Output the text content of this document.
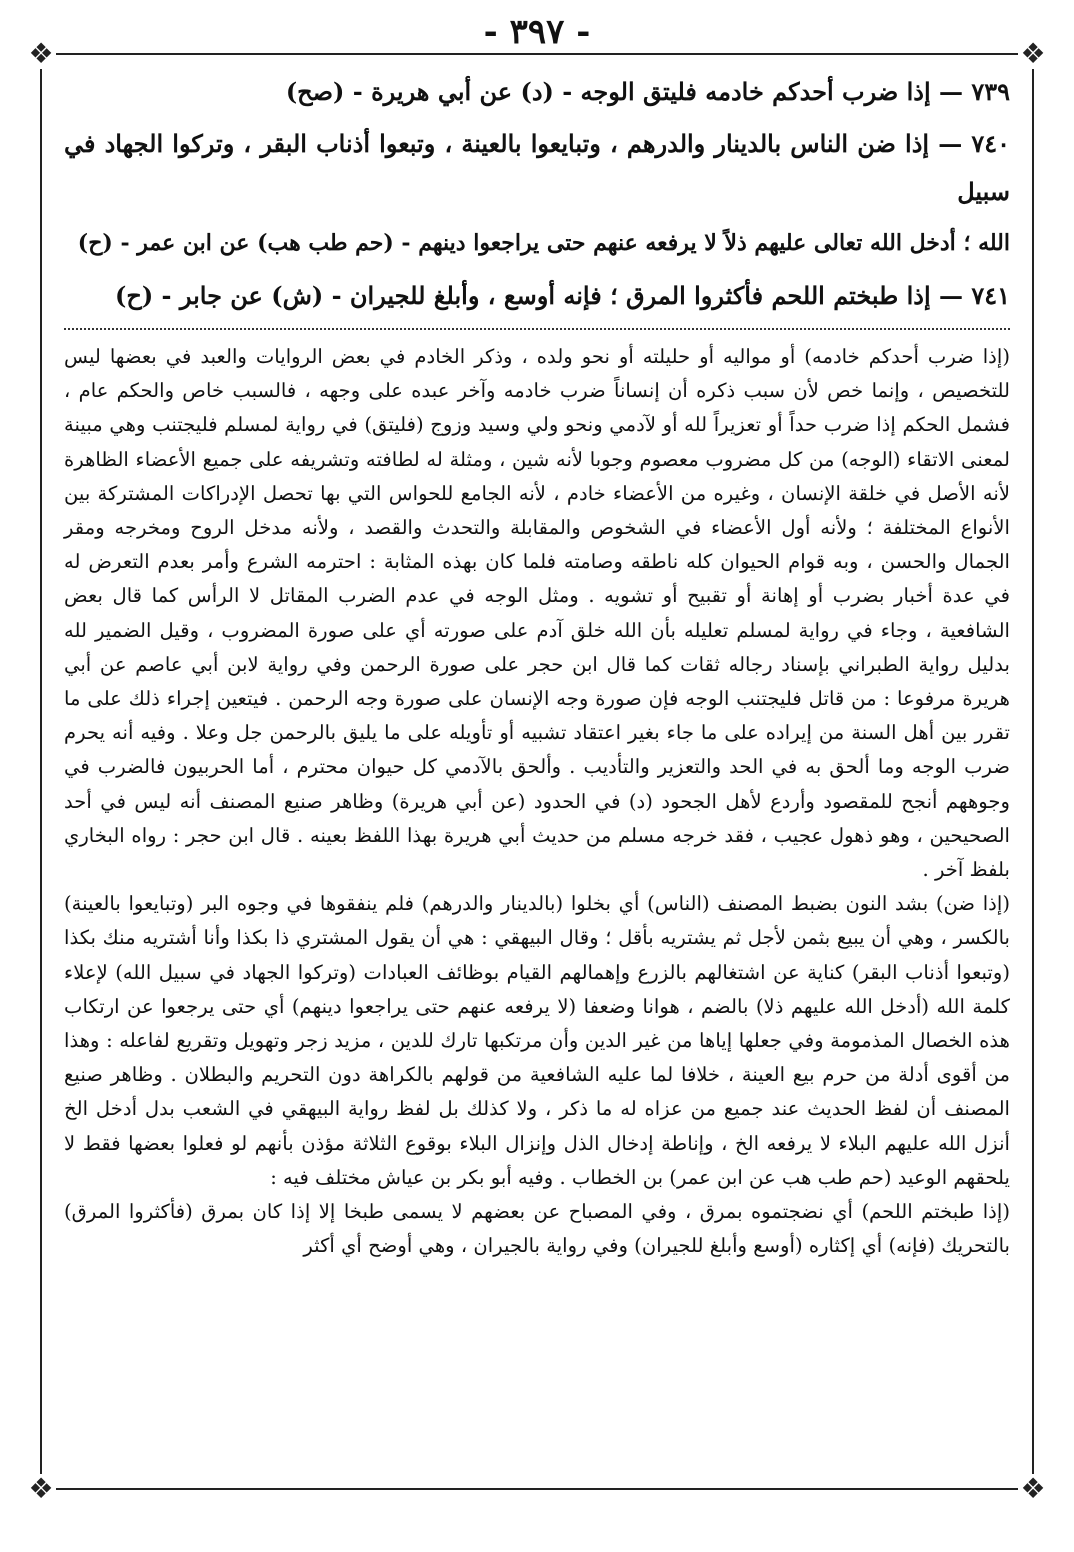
❖	❖
❖	❖
- ٣٩٧ -

٧٣٩ — إذا ضرب أحدكم خادمه فليتق الوجه - (د) عن أبي هريرة - (صح)

٧٤٠ — إذا ضن الناس بالدينار والدرهم ، وتبايعوا بالعينة ، وتبعوا أذناب البقر ، وتركوا الجهاد في سبيل

الله ؛ أدخل الله تعالى عليهم ذلاً لا يرفعه عنهم حتى يراجعوا دينهم - (حم طب هب) عن ابن عمر - (ح)

٧٤١ — إذا طبختم اللحم فأكثروا المرق ؛ فإنه أوسع ، وأبلغ للجيران - (ش) عن جابر - (ح)

(إذا ضرب أحدكم خادمه) أو مواليه أو حليلته أو نحو ولده ، وذكر الخادم في بعض الروايات والعبد في بعضها ليس للتخصيص ، وإنما خص لأن سبب ذكره أن إنساناً ضرب خادمه وآخر عبده على وجهه ، فالسبب خاص والحكم عام ، فشمل الحكم إذا ضرب حداً أو تعزيراً لله أو لآدمي ونحو ولي وسيد وزوج (فليتق) في رواية لمسلم فليجتنب وهي مبينة لمعنى الاتقاء (الوجه) من كل مضروب معصوم وجوبا لأنه شين ، ومثلة له لطافته وتشريفه على جميع الأعضاء الظاهرة لأنه الأصل في خلقة الإنسان ، وغيره من الأعضاء خادم ، لأنه الجامع للحواس التي بها تحصل الإدراكات المشتركة بين الأنواع المختلفة ؛ ولأنه أول الأعضاء في الشخوص والمقابلة والتحدث والقصد ، ولأنه مدخل الروح ومخرجه ومقر الجمال والحسن ، وبه قوام الحيوان كله ناطقه وصامته فلما كان بهذه المثابة : احترمه الشرع وأمر بعدم التعرض له في عدة أخبار بضرب أو إهانة أو تقبيح أو تشويه . ومثل الوجه في عدم الضرب المقاتل لا الرأس كما قال بعض الشافعية ، وجاء في رواية لمسلم تعليله بأن الله خلق آدم على صورته أي على صورة المضروب ، وقيل الضمير لله بدليل رواية الطبراني بإسناد رجاله ثقات كما قال ابن حجر على صورة الرحمن وفي رواية لابن أبي عاصم عن أبي هريرة مرفوعا : من قاتل فليجتنب الوجه فإن صورة وجه الإنسان على صورة وجه الرحمن . فيتعين إجراء ذلك على ما تقرر بين أهل السنة من إيراده على ما جاء بغير اعتقاد تشبيه أو تأويله على ما يليق بالرحمن جل وعلا . وفيه أنه يحرم ضرب الوجه وما ألحق به في الحد والتعزير والتأديب . وألحق بالآدمي كل حيوان محترم ، أما الحربيون فالضرب في وجوههم أنجح للمقصود وأردع لأهل الجحود (د) في الحدود (عن أبي هريرة) وظاهر صنيع المصنف أنه ليس في أحد الصحيحين ، وهو ذهول عجيب ، فقد خرجه مسلم من حديث أبي هريرة بهذا اللفظ بعينه . قال ابن حجر : رواه البخاري بلفظ آخر .

(إذا ضن) بشد النون بضبط المصنف (الناس) أي بخلوا (بالدينار والدرهم) فلم ينفقوها في وجوه البر (وتبايعوا بالعينة) بالكسر ، وهي أن يبيع بثمن لأجل ثم يشتريه بأقل ؛ وقال البيهقي : هي أن يقول المشتري ذا بكذا وأنا أشتريه منك بكذا (وتبعوا أذناب البقر) كناية عن اشتغالهم بالزرع وإهمالهم القيام بوظائف العبادات (وتركوا الجهاد في سبيل الله) لإعلاء كلمة الله (أدخل الله عليهم ذلا) بالضم ، هوانا وضعفا (لا يرفعه عنهم حتى يراجعوا دينهم) أي حتى يرجعوا عن ارتكاب هذه الخصال المذمومة وفي جعلها إياها من غير الدين وأن مرتكبها تارك للدين ، مزيد زجر وتهويل وتقريع لفاعله : وهذا من أقوى أدلة من حرم بيع العينة ، خلافا لما عليه الشافعية من قولهم بالكراهة دون التحريم والبطلان . وظاهر صنيع المصنف أن لفظ الحديث عند جميع من عزاه له ما ذكر ، ولا كذلك بل لفظ رواية البيهقي في الشعب بدل أدخل الخ أنزل الله عليهم البلاء لا يرفعه الخ ، وإناطة إدخال الذل وإنزال البلاء بوقوع الثلاثة مؤذن بأنهم لو فعلوا بعضها فقط لا يلحقهم الوعيد (حم طب هب عن ابن عمر) بن الخطاب . وفيه أبو بكر بن عياش مختلف فيه :

(إذا طبختم اللحم) أي نضجتموه بمرق ، وفي المصباح عن بعضهم لا يسمى طبخا إلا إذا كان بمرق (فأكثروا المرق) بالتحريك (فإنه) أي إكثاره (أوسع وأبلغ للجيران) وفي رواية بالجيران ، وهي أوضح أي أكثر
